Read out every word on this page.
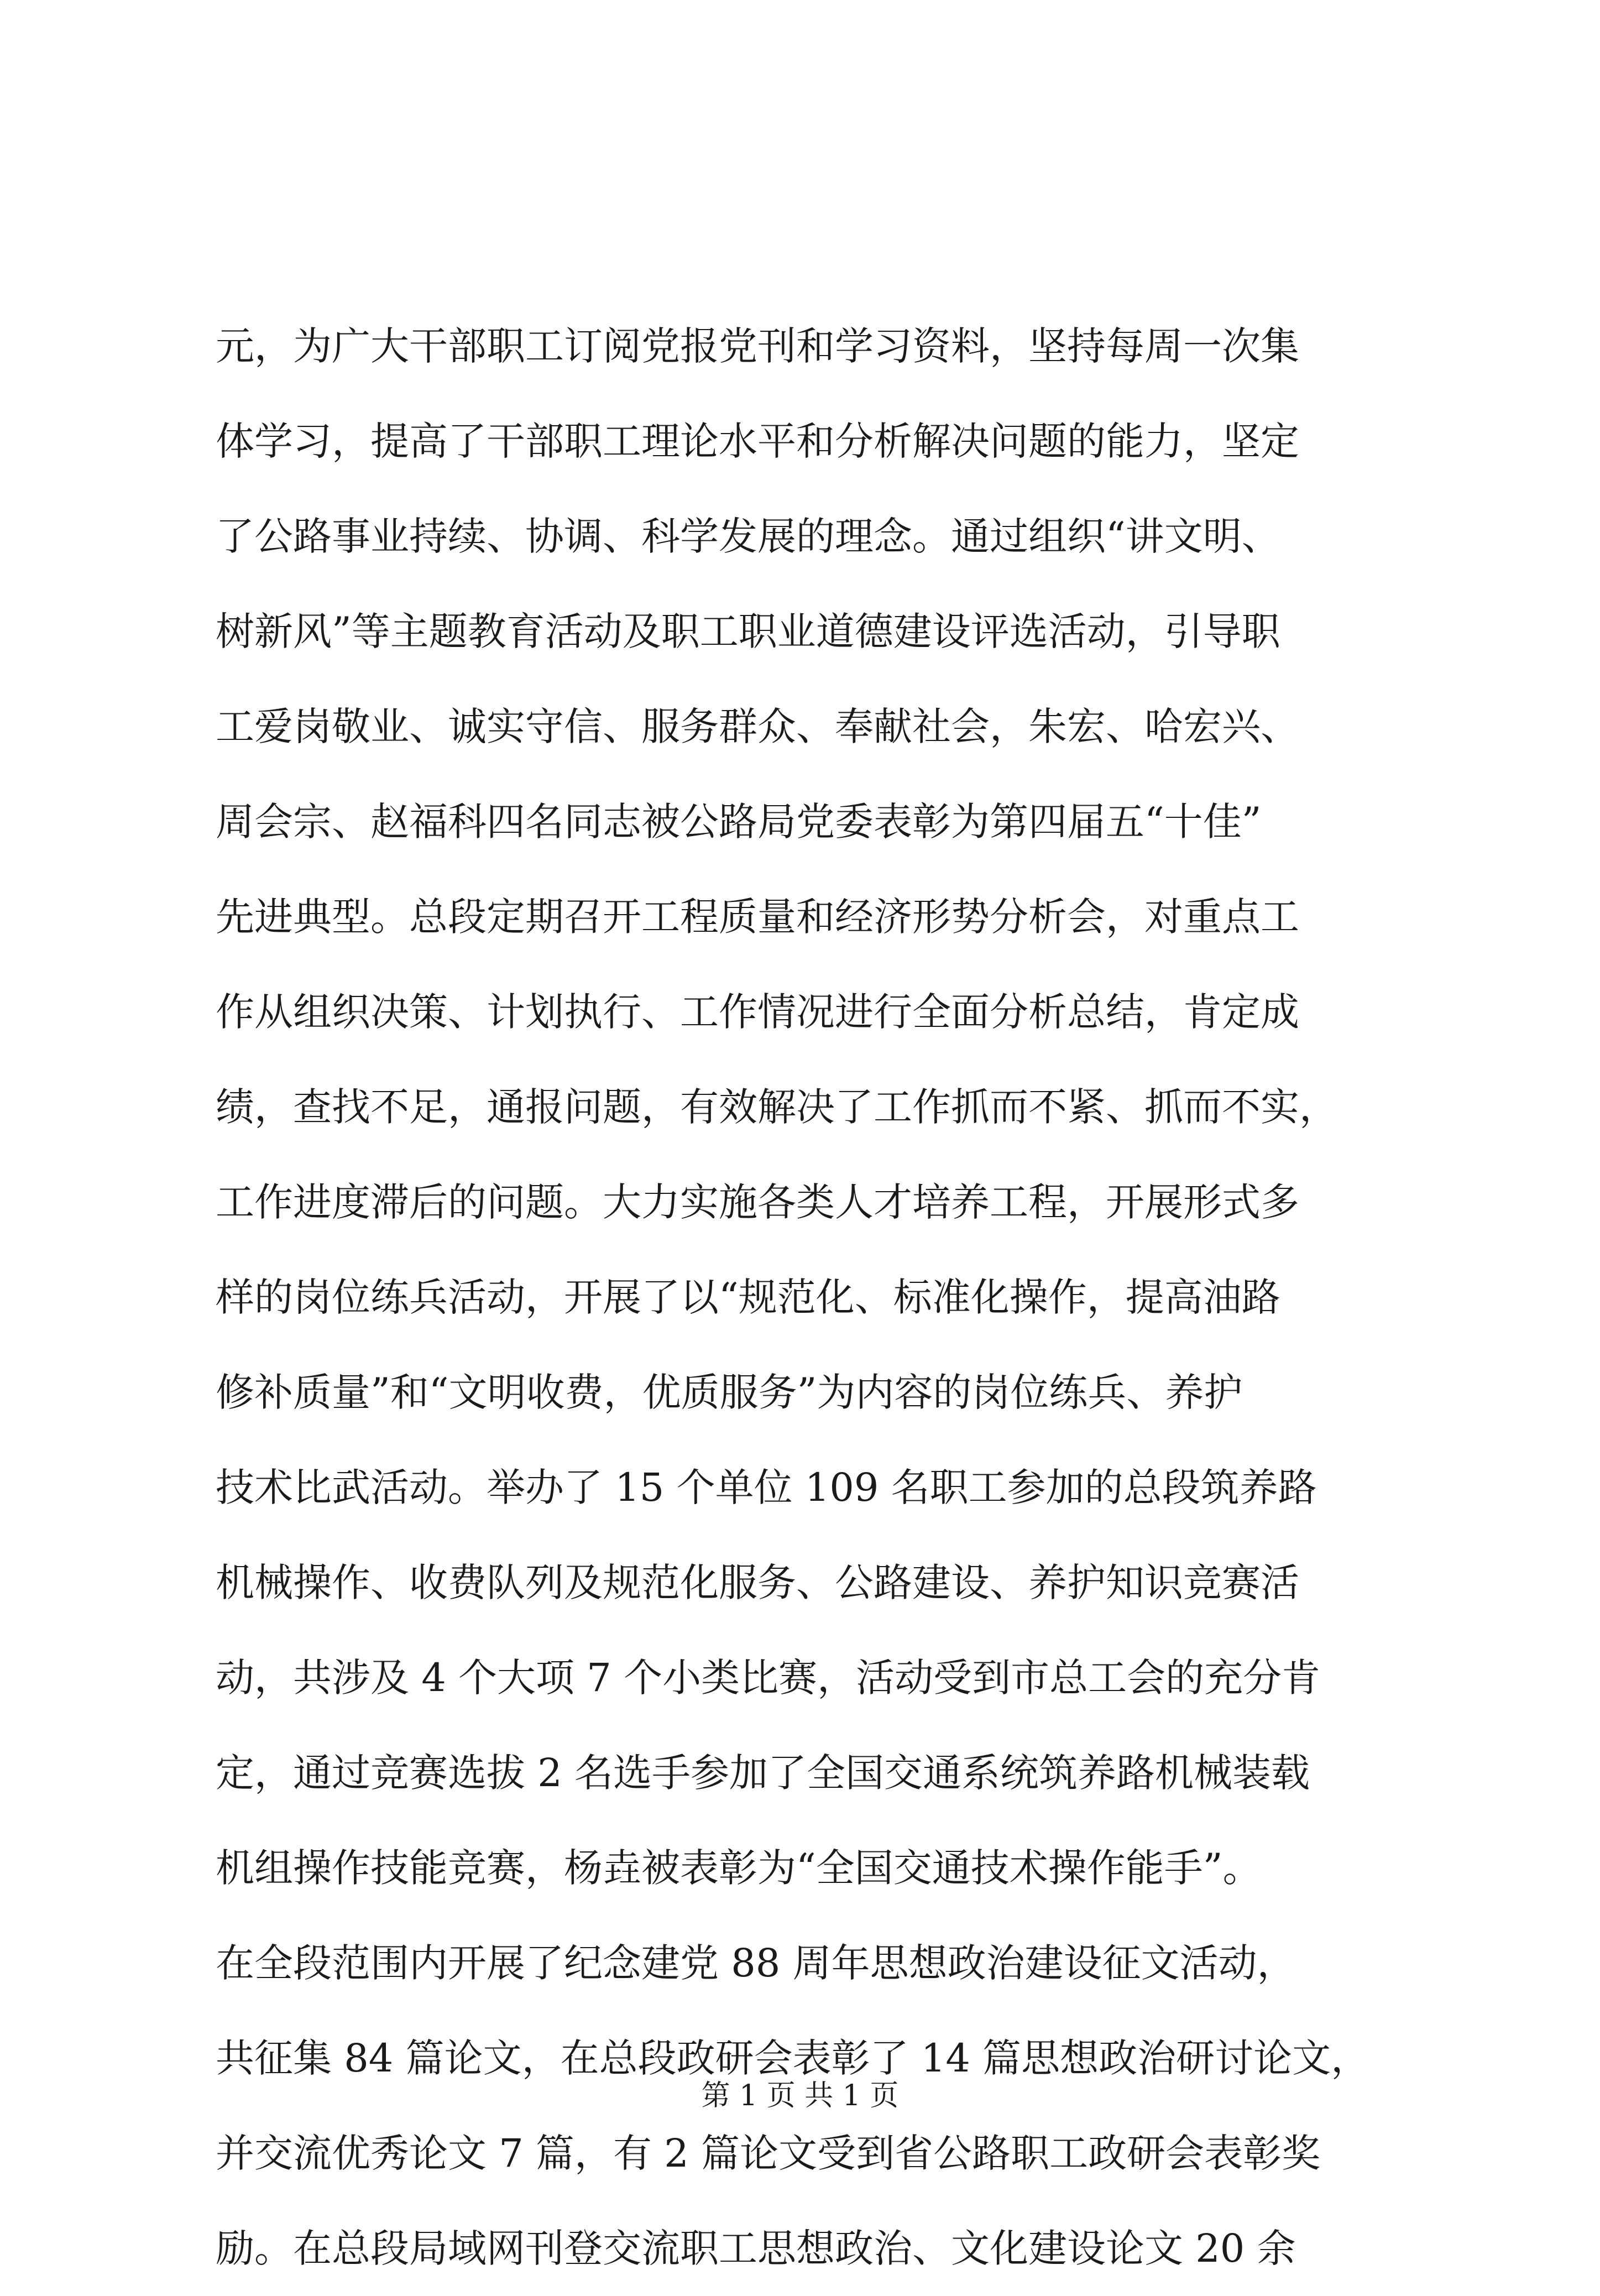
元，为广大干部职工订阅党报党刊和学习资料，坚持每周一次集
体学习，提高了干部职工理论水平和分析解决问题的能力，坚定
了公路事业持续、协调、科学发展的理念。通过组织“讲文明、
树新风”等主题教育活动及职工职业道德建设评选活动，引导职
工爱岗敬业、诚实守信、服务群众、奉献社会，朱宏、哈宏兴、
周会宗、赵福科四名同志被公路局党委表彰为第四届五“十佳”
先进典型。总段定期召开工程质量和经济形势分析会，对重点工
作从组织决策、计划执行、工作情况进行全面分析总结，肯定成
绩，查找不足，通报问题，有效解决了工作抓而不紧、抓而不实，
工作进度滞后的问题。大力实施各类人才培养工程，开展形式多
样的岗位练兵活动，开展了以“规范化、标准化操作，提高油路
修补质量”和“文明收费，优质服务”为内容的岗位练兵、养护
技术比武活动。举办了 15 个单位 109 名职工参加的总段筑养路
机械操作、收费队列及规范化服务、公路建设、养护知识竞赛活
动，共涉及 4 个大项 7 个小类比赛，活动受到市总工会的充分肯
定，通过竞赛选拔 2 名选手参加了全国交通系统筑养路机械装载
机组操作技能竞赛，杨垚被表彰为“全国交通技术操作能手”。
在全段范围内开展了纪念建党 88 周年思想政治建设征文活动，
共征集 84 篇论文，在总段政研会表彰了 14 篇思想政治研讨论文，
并交流优秀论文 7 篇，有 2 篇论文受到省公路职工政研会表彰奖
励。在总段局域网刊登交流职工思想政治、文化建设论文 20 余
第 1 页 共 1 页
